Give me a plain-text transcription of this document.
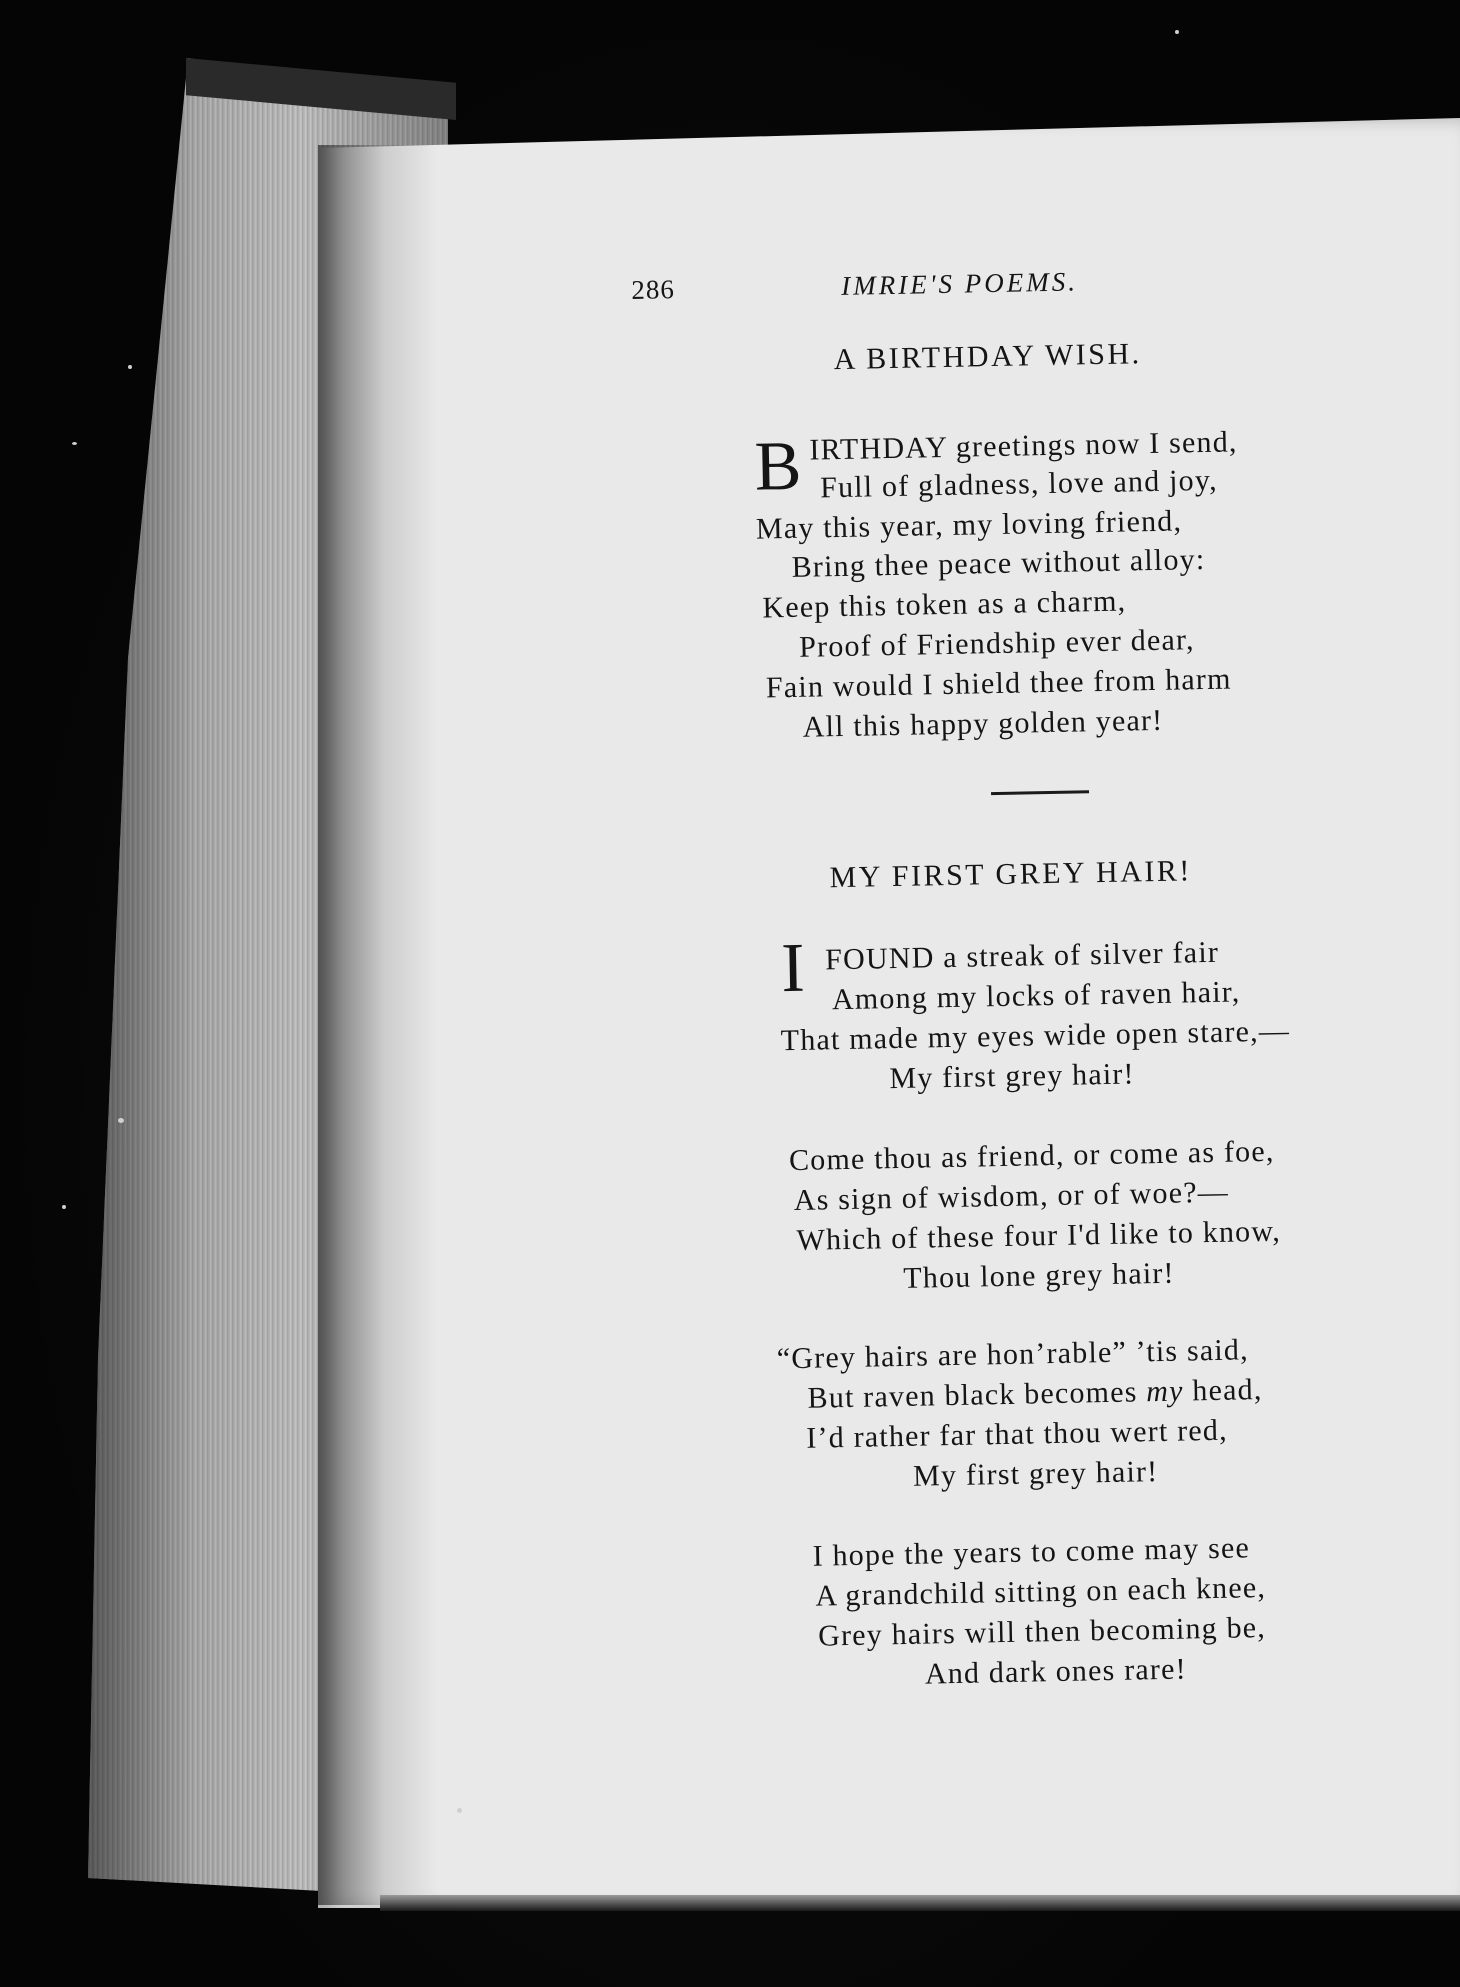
286	IMRIE'S POEMS.
A BIRTHDAY WISH.
B IRTHDAY greetings now I send,
Full of gladness, love and joy,
May this year, my loving friend,
Bring thee peace without alloy:
Keep this token as a charm,
Proof of Friendship ever dear,
Fain would I shield thee from harm
All this happy golden year!
MY FIRST GREY HAIR!
I FOUND a streak of silver fair
Among my locks of raven hair,
That made my eyes wide open stare,—
My first grey hair!
Come thou as friend, or come as foe,
As sign of wisdom, or of woe?—
Which of these four I'd like to know,
Thou lone grey hair!
“Grey hairs are hon’rable” ’tis said,
But raven black becomes my head,
I’d rather far that thou wert red,
My first grey hair!
I hope the years to come may see
A grandchild sitting on each knee,
Grey hairs will then becoming be,
And dark ones rare!
